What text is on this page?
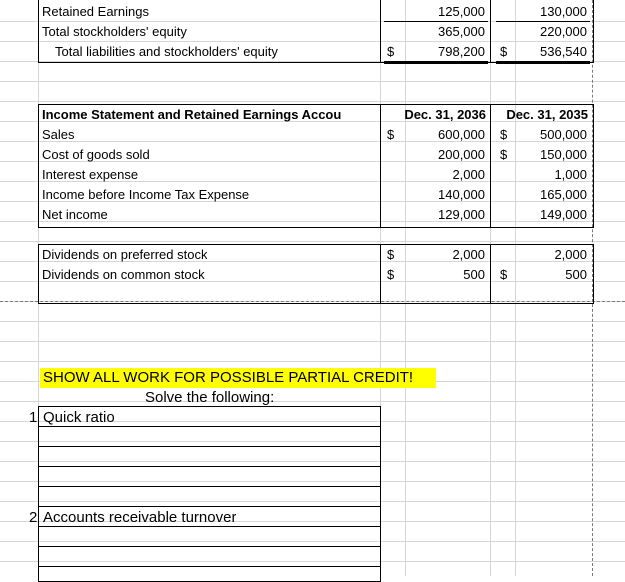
Retained Earnings	125,000	130,000
Total stockholders' equity	365,000	220,000
Total liabilities and stockholders' equity	$	798,200 $	536,540
Income Statement and Retained Earnings Accou	Dec. 31, 2036	Dec. 31, 2035
Sales	$	600,000 $	500,000
Cost of goods sold	200,000 $	150,000
Interest expense	2,000	1,000
Income before Income Tax Expense	140,000	165,000
Net income	129,000	149,000
Dividends on preferred stock	$	2,000	2,000
Dividends on common stock	$	500 $	500
SHOW ALL WORK FOR POSSIBLE PARTIAL CREDIT!
Solve the following:
1 Quick ratio
2 Accounts receivable turnover
